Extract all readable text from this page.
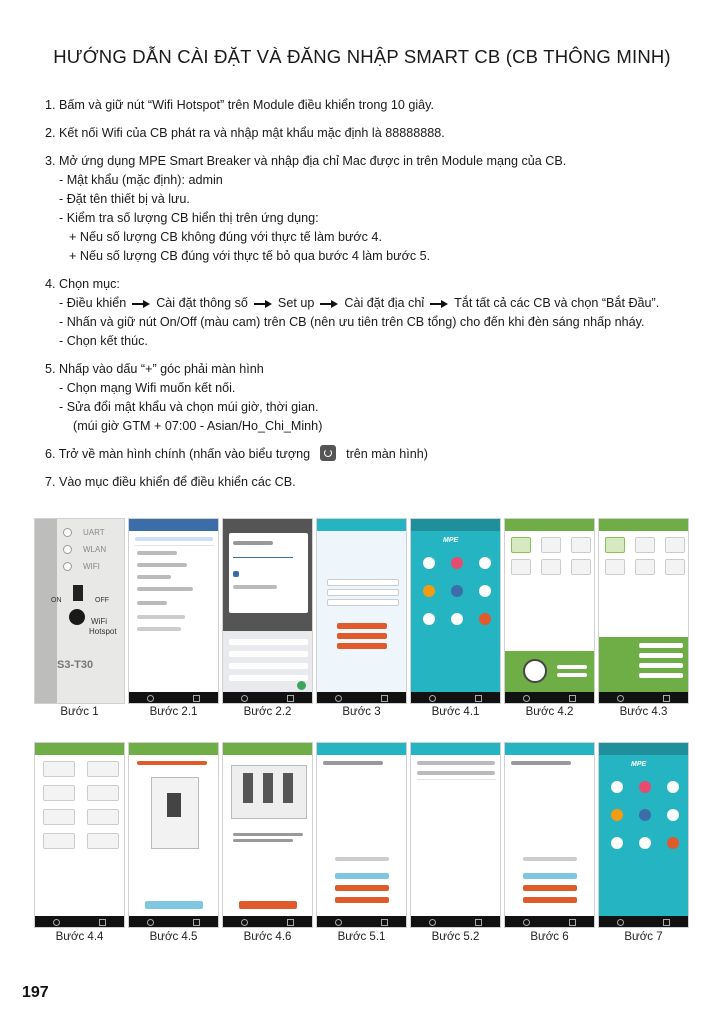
HƯỚNG DẪN CÀI ĐẶT VÀ ĐĂNG NHẬP SMART CB (CB THÔNG MINH)
1. Bấm và giữ nút “Wifi Hotspot” trên Module điều khiển trong 10 giây.
2. Kết nối Wifi của CB phát ra và nhập mật khẩu mặc định là 88888888.
3. Mở ứng dụng MPE Smart Breaker và nhập địa chỉ Mac được in trên Module mạng của CB.
- Mật khẩu (mặc định): admin
- Đặt tên thiết bị và lưu.
- Kiểm tra số lượng CB hiển thị trên ứng dụng:
+ Nếu số lượng CB không đúng với thực tế làm bước 4.
+ Nếu số lượng CB đúng với thực tế bỏ qua bước 4 làm bước 5.
4. Chọn mục:
- Điều khiển Cài đặt thông số Set up Cài đặt địa chỉ Tắt tất cả các CB và chọn “Bắt Đầu”.
- Nhấn và giữ nút On/Off (màu cam) trên CB (nên ưu tiên trên CB tổng) cho đến khi đèn sáng nhấp nháy.
- Chọn kết thúc.
5. Nhấp vào dấu “+” góc phải màn hình
- Chọn mạng Wifi muốn kết nối.
- Sửa đổi mật khẩu và chọn múi giờ, thời gian.
(múi giờ GTM + 07:00 - Asian/Ho_Chi_Minh)
6. Trở về màn hình chính (nhấn vào biểu tượng	trên màn hình)
7. Vào mục điều khiển để điều khiển các CB.
UART
WLAN
WIFI
ON	OFF
WiFi
Hotspot
S3-T30
MPE
Bước 1	Bước 2.1	Bước 2.2	Bước 3	Bước 4.1	Bước 4.2	Bước 4.3
MPE
Bước 4.4	Bước 4.5	Bước 4.6	Bước 5.1	Bước 5.2	Bước 6	Bước 7
197
